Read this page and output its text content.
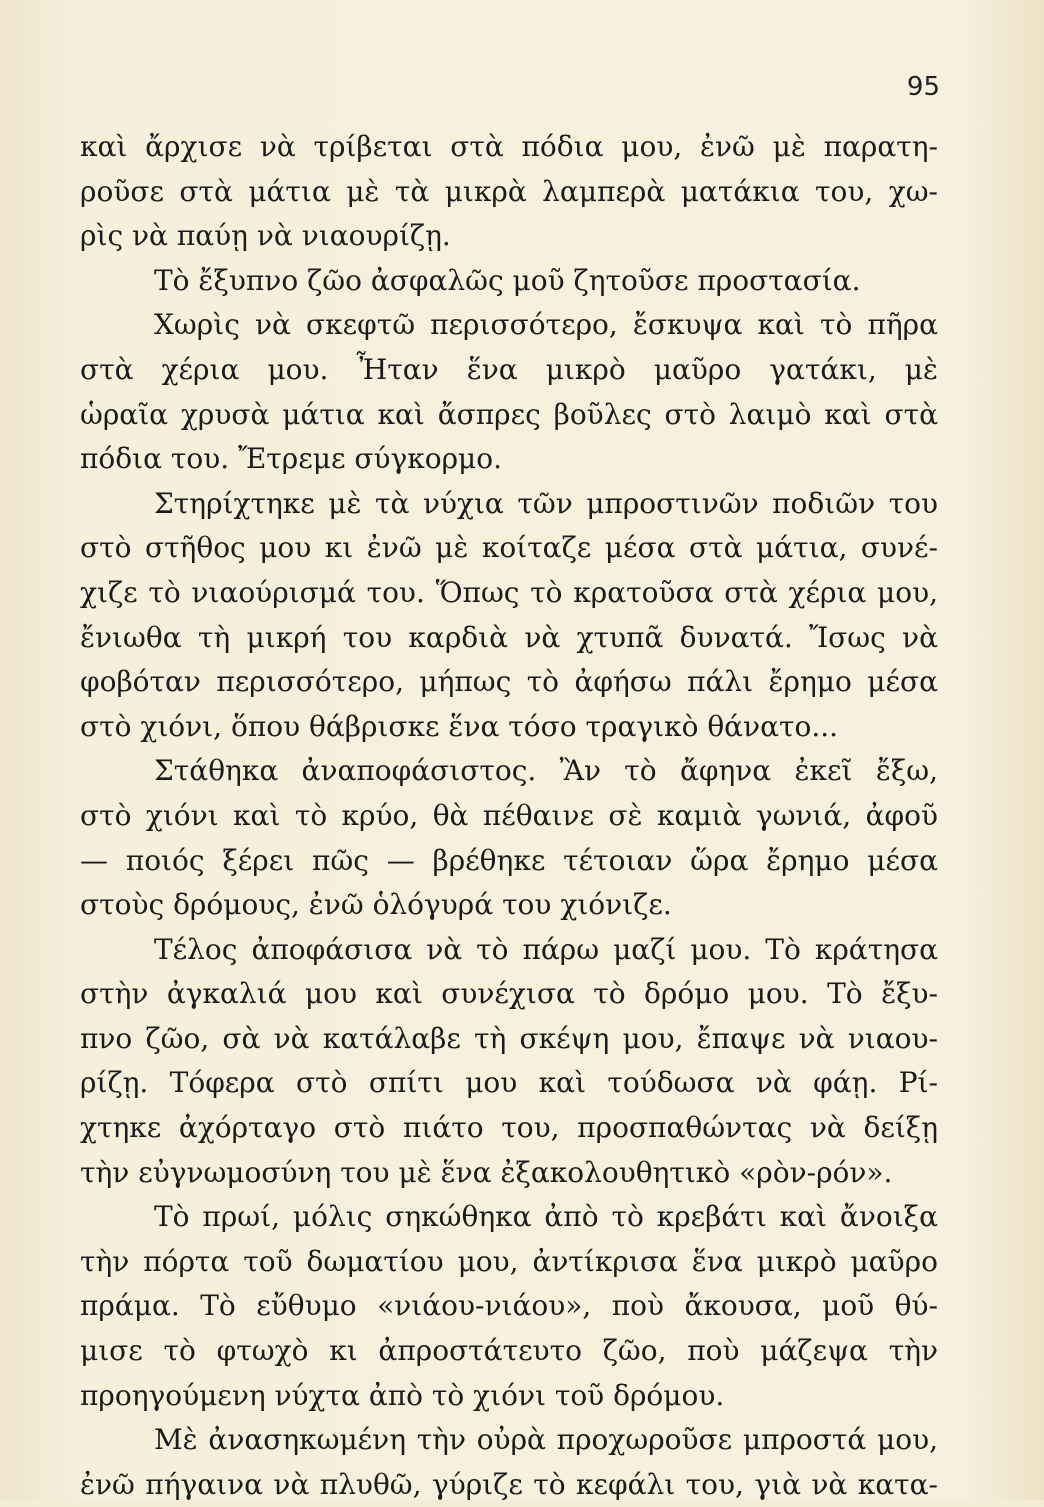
95
καὶ ἄρχισε νὰ τρίβεται στὰ πόδια μου, ἐνῶ μὲ παρατη-
ροῦσε στὰ μάτια μὲ τὰ μικρὰ λαμπερὰ ματάκια του, χω-
ρὶς νὰ παύῃ νὰ νιαουρίζῃ.
Τὸ ἔξυπνο ζῶο ἀσφαλῶς μοῦ ζητοῦσε προστασία.
Χωρὶς νὰ σκεφτῶ περισσότερο, ἔσκυψα καὶ τὸ πῆρα
στὰ χέρια μου. Ἦταν ἕνα μικρὸ μαῦρο γατάκι, μὲ
ὡραῖα χρυσὰ μάτια καὶ ἄσπρες βοῦλες στὸ λαιμὸ καὶ στὰ
πόδια του. Ἔτρεμε σύγκορμο.
Στηρίχτηκε μὲ τὰ νύχια τῶν μπροστινῶν ποδιῶν του
στὸ στῆθος μου κι ἐνῶ μὲ κοίταζε μέσα στὰ μάτια, συνέ-
χιζε τὸ νιαούρισμά του. Ὅπως τὸ κρατοῦσα στὰ χέρια μου,
ἔνιωθα τὴ μικρή του καρδιὰ νὰ χτυπᾶ δυνατά. Ἴσως νὰ
φοβόταν περισσότερο, μήπως τὸ ἀφήσω πάλι ἔρημο μέσα
στὸ χιόνι, ὅπου θάβρισκε ἕνα τόσο τραγικὸ θάνατο...
Στάθηκα ἀναποφάσιστος. Ἂν τὸ ἄφηνα ἐκεῖ ἔξω,
στὸ χιόνι καὶ τὸ κρύο, θὰ πέθαινε σὲ καμιὰ γωνιά, ἀφοῦ
— ποιός ξέρει πῶς — βρέθηκε τέτοιαν ὥρα ἔρημο μέσα
στοὺς δρόμους, ἐνῶ ὁλόγυρά του χιόνιζε.
Τέλος ἀποφάσισα νὰ τὸ πάρω μαζί μου. Τὸ κράτησα
στὴν ἀγκαλιά μου καὶ συνέχισα τὸ δρόμο μου. Τὸ ἔξυ-
πνο ζῶο, σὰ νὰ κατάλαβε τὴ σκέψη μου, ἔπαψε νὰ νιαου-
ρίζῃ. Τόφερα στὸ σπίτι μου καὶ τούδωσα νὰ φάῃ. Ρί-
χτηκε ἀχόρταγο στὸ πιάτο του, προσπαθώντας νὰ δείξῃ
τὴν εὐγνωμοσύνη του μὲ ἕνα ἐξακολουθητικὸ «ρὸν-ρόν».
Τὸ πρωί, μόλις σηκώθηκα ἀπὸ τὸ κρεβάτι καὶ ἄνοιξα
τὴν πόρτα τοῦ δωματίου μου, ἀντίκρισα ἕνα μικρὸ μαῦρο
πράμα. Τὸ εὔθυμο «νιάου-νιάου», ποὺ ἄκουσα, μοῦ θύ-
μισε τὸ φτωχὸ κι ἀπροστάτευτο ζῶο, ποὺ μάζεψα τὴν
προηγούμενη νύχτα ἀπὸ τὸ χιόνι τοῦ δρόμου.
Μὲ ἀνασηκωμένη τὴν οὐρὰ προχωροῦσε μπροστά μου,
ἐνῶ πήγαινα νὰ πλυθῶ, γύριζε τὸ κεφάλι του, γιὰ νὰ κατα-
